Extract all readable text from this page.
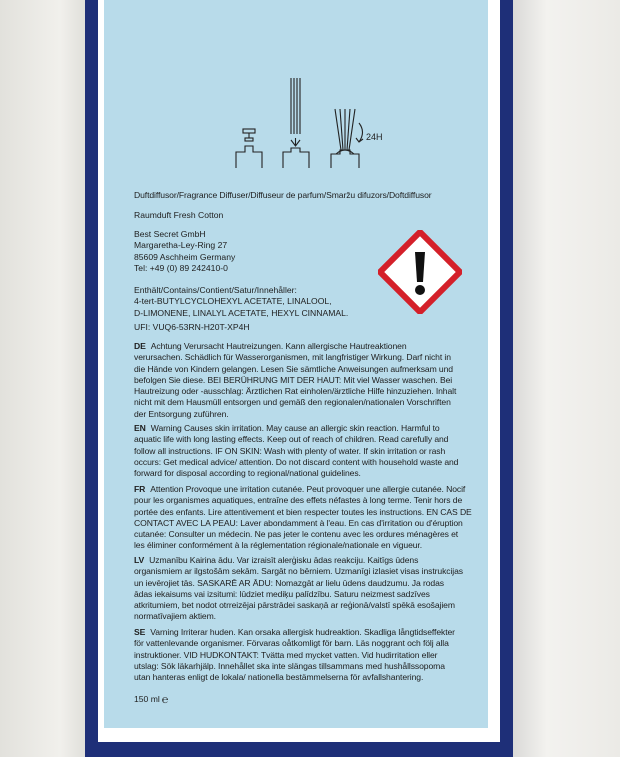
24H
Duftdiffusor/Fragrance Diffuser/Diffuseur de parfum/Smaržu difuzors/Doftdiffusor
Raumduft Fresh Cotton
Best Secret GmbH
Margaretha-Ley-Ring 27
85609 Aschheim Germany
Tel: +49 (0) 89 242410-0
Enthält/Contains/Contient/Satur/Innehåller:
4-tert-BUTYLCYCLOHEXYL ACETATE, LINALOOL,
D-LIMONENE, LINALYL ACETATE, HEXYL CINNAMAL.
UFI: VUQ6-53RN-H20T-XP4H
DE Achtung Verursacht Hautreizungen. Kann allergische Hautreaktionen
verursachen. Schädlich für Wasserorganismen, mit langfristiger Wirkung. Darf nicht in
die Hände von Kindern gelangen. Lesen Sie sämtliche Anweisungen aufmerksam und
befolgen Sie diese. BEI BERÜHRUNG MIT DER HAUT: Mit viel Wasser waschen. Bei
Hautreizung oder -ausschlag: Ärztlichen Rat einholen/ärztliche Hilfe hinzuziehen. Inhalt
nicht mit dem Hausmüll entsorgen und gemäß den regionalen/nationalen Vorschriften
der Entsorgung zuführen.
EN Warning Causes skin irritation. May cause an allergic skin reaction. Harmful to
aquatic life with long lasting effects. Keep out of reach of children. Read carefully and
follow all instructions. IF ON SKIN: Wash with plenty of water. If skin irritation or rash
occurs: Get medical advice/ attention. Do not discard content with household waste and
forward for disposal according to regional/national guidelines.
FR Attention Provoque une irritation cutanée. Peut provoquer une allergie cutanée. Nocif
pour les organismes aquatiques, entraîne des effets néfastes à long terme. Tenir hors de
portée des enfants. Lire attentivement et bien respecter toutes les instructions. EN CAS DE
CONTACT AVEC LA PEAU: Laver abondamment à l'eau. En cas d'irritation ou d'éruption
cutanée: Consulter un médecin. Ne pas jeter le contenu avec les ordures ménagères et
les éliminer conformément à la réglementation régionale/nationale en vigueur.
LV Uzmanību Kairina ādu. Var izraisīt alerģisku ādas reakciju. Kaitīgs ūdens
organismiem ar ilgstošām sekām. Sargāt no bērniem. Uzmanīgi izlasiet visas instrukcijas
un ievērojiet tās. SASKARĒ AR ĀDU: Nomazgāt ar lielu ūdens daudzumu. Ja rodas
ādas iekaisums vai izsitumi: lūdziet mediķu palīdzību. Saturu neizmest sadzīves
atkritumiem, bet nodot otrreizējai pārstrādei saskaņā ar reģionā/valstī spēkā esošajiem
normatīvajiem aktiem.
SE Varning Irriterar huden. Kan orsaka allergisk hudreaktion. Skadliga långtidseffekter
för vattenlevande organismer. Förvaras oåtkomligt för barn. Läs noggrant och följ alla
instruktioner. VID HUDKONTAKT: Tvätta med mycket vatten. Vid hudirritation eller
utslag: Sök läkarhjälp. Innehållet ska inte slängas tillsammans med hushållssopoma
utan hanteras enligt de lokala/ nationella bestämmelserna för avfallshantering.
150 ml ℮
